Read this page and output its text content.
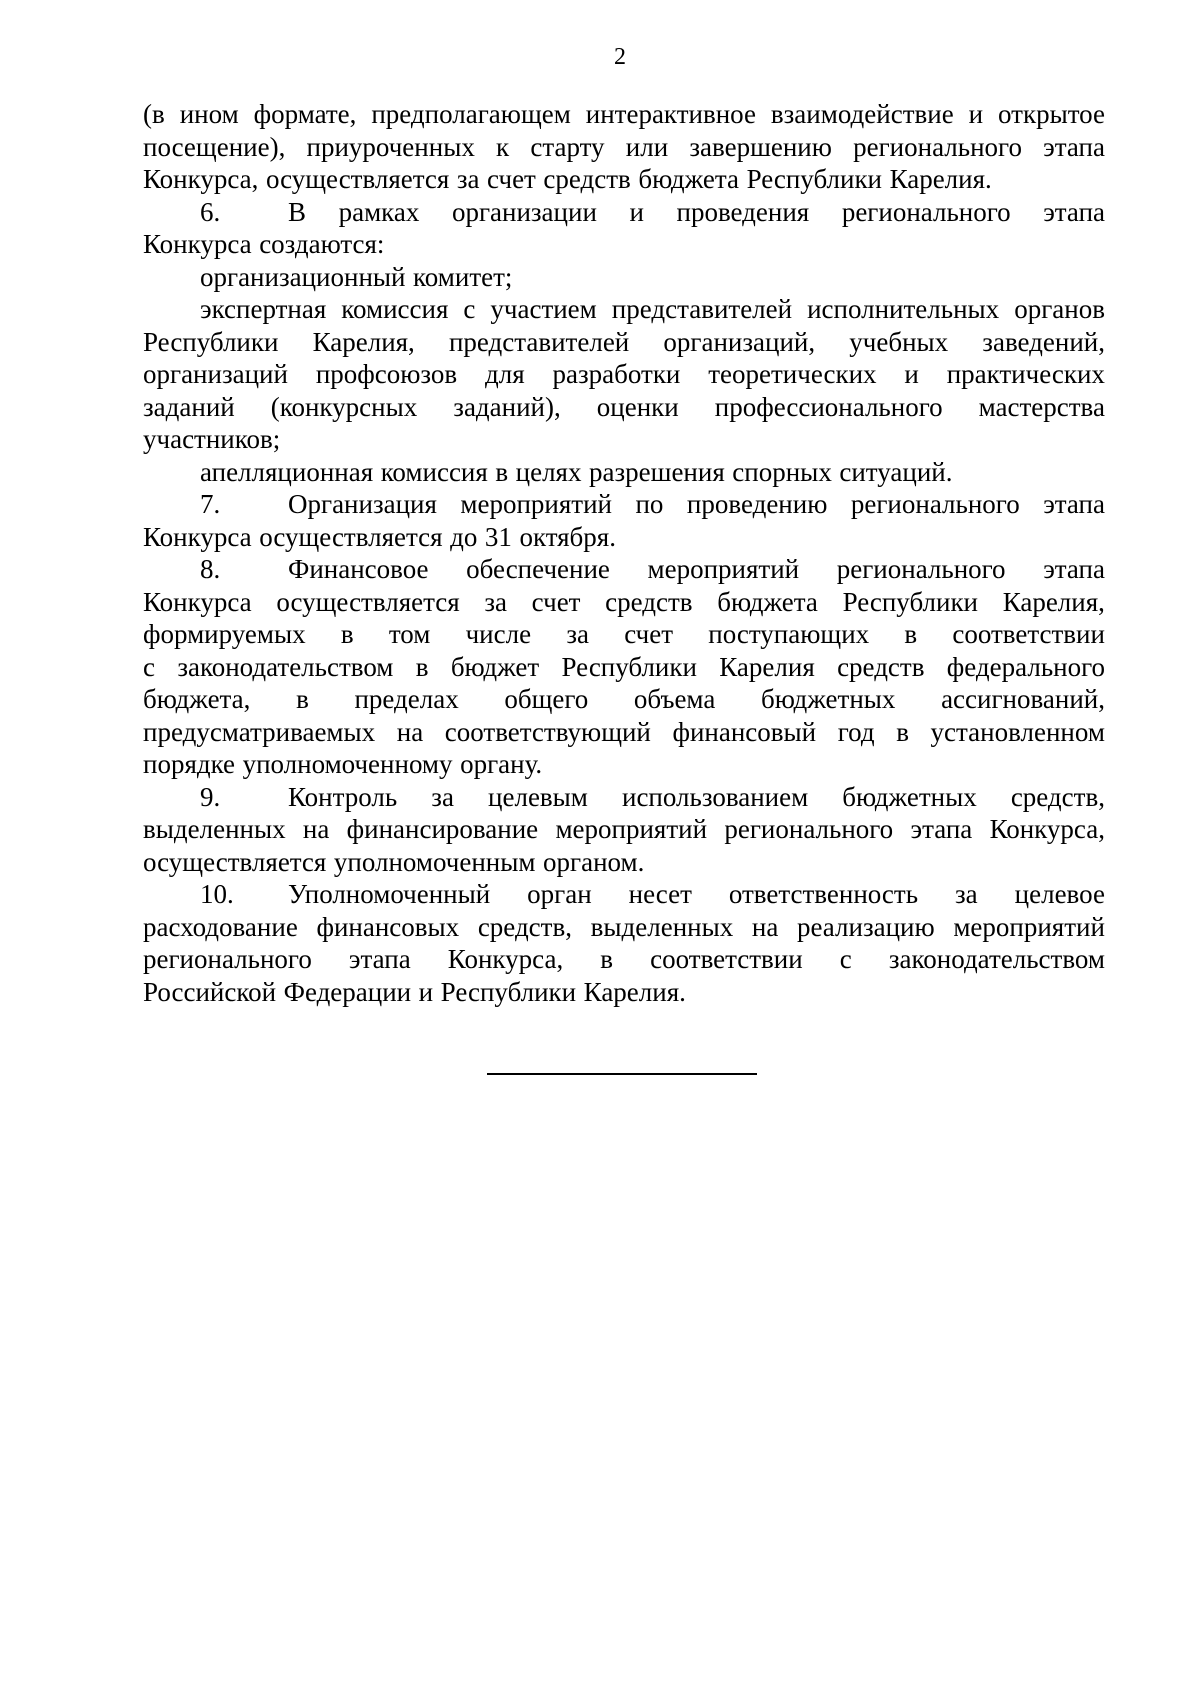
2
(в ином формате, предполагающем интерактивное взаимодействие и открытое
посещение), приуроченных к старту или завершению регионального этапа
Конкурса, осуществляется за счет средств бюджета Республики Карелия.
6.	В рамках организации и проведения регионального этапа
Конкурса создаются:
организационный комитет;
экспертная комиссия с участием представителей исполнительных органов
Республики Карелия, представителей организаций, учебных заведений,
организаций профсоюзов для разработки теоретических и практических
заданий (конкурсных заданий), оценки профессионального мастерства
участников;
апелляционная комиссия в целях разрешения спорных ситуаций.
7.	Организация мероприятий по проведению регионального этапа
Конкурса осуществляется до 31 октября.
8.	Финансовое обеспечение мероприятий регионального этапа
Конкурса осуществляется за счет средств бюджета Республики Карелия,
формируемых в том числе за счет поступающих в соответствии
с законодательством в бюджет Республики Карелия средств федерального
бюджета, в пределах общего объема бюджетных ассигнований,
предусматриваемых на соответствующий финансовый год в установленном
порядке уполномоченному органу.
9.	Контроль за целевым использованием бюджетных средств,
выделенных на финансирование мероприятий регионального этапа Конкурса,
осуществляется уполномоченным органом.
10.	Уполномоченный орган несет ответственность за целевое
расходование финансовых средств, выделенных на реализацию мероприятий
регионального этапа Конкурса, в соответствии с законодательством
Российской Федерации и Республики Карелия.
